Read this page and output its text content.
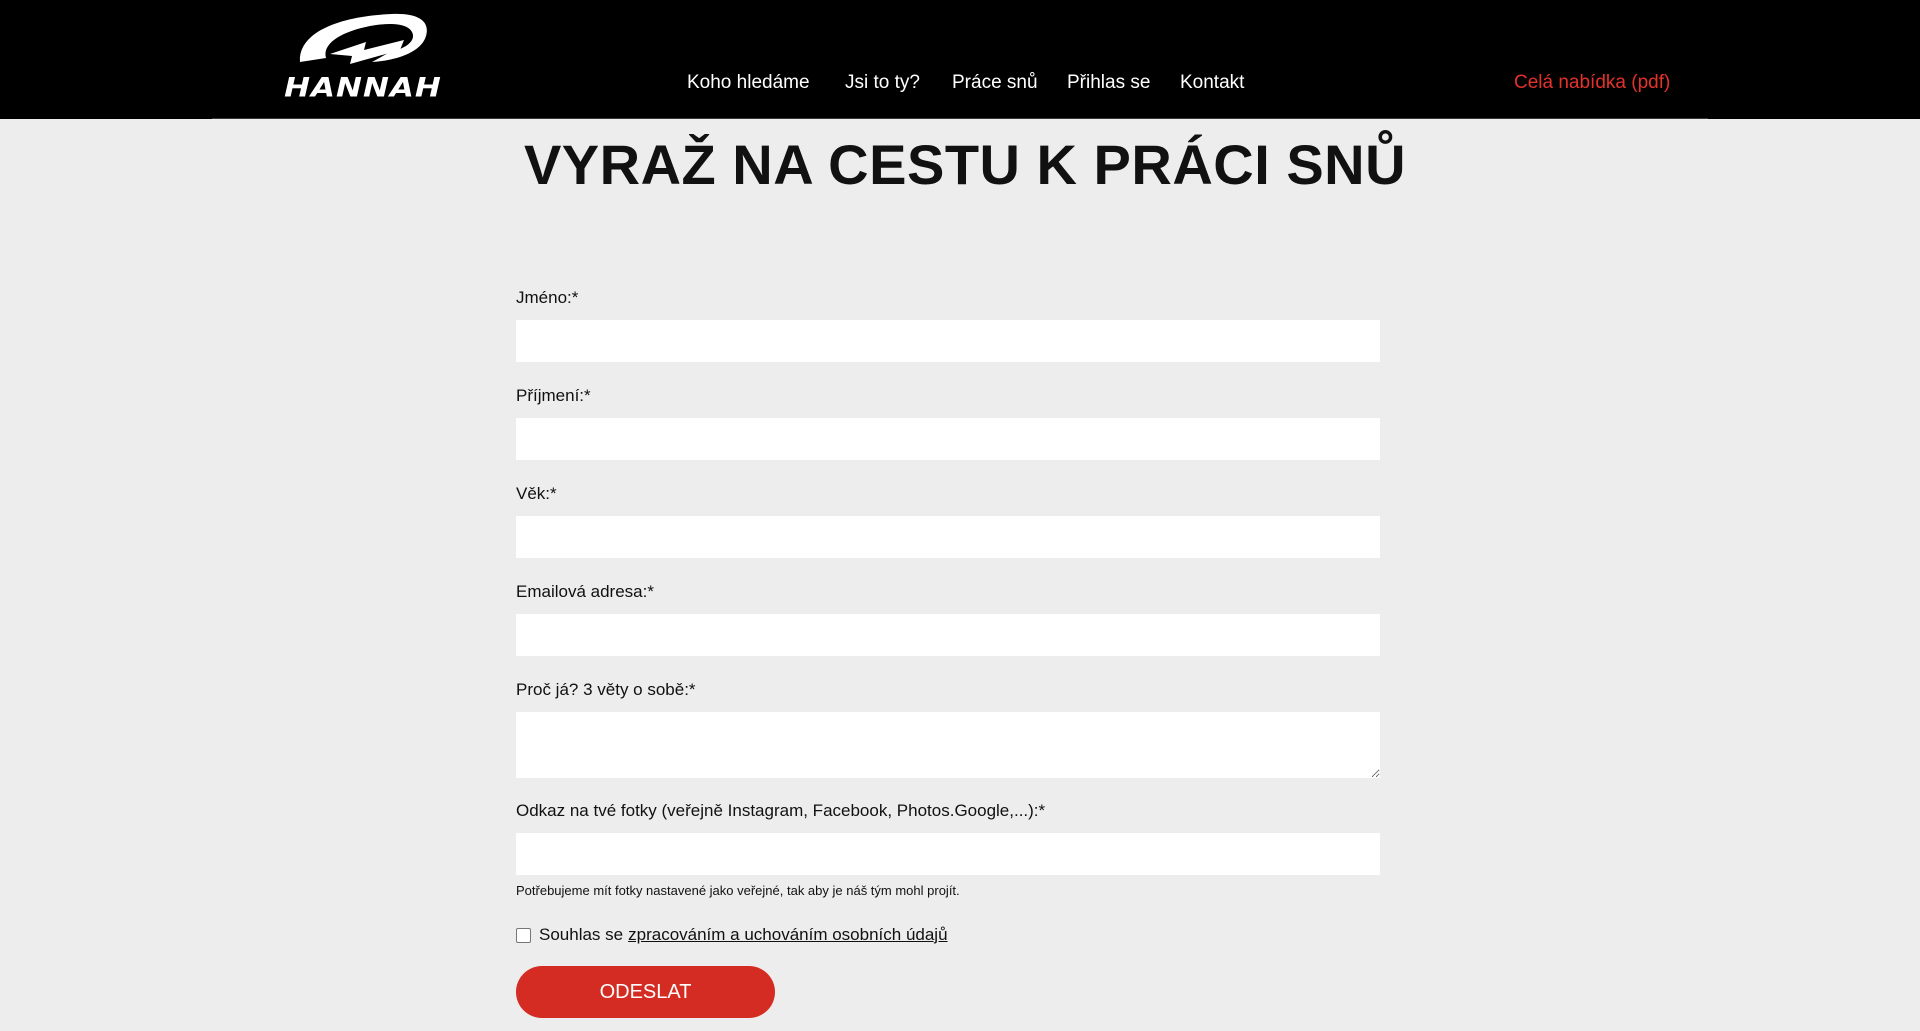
HANNAH	Koho hledáme Jsi to ty? Práce snů Přihlas se Kontakt	Celá nabídka (pdf)
VYRAŽ NA CESTU K PRÁCI SNŮ
Jméno:*
Příjmení:*
Věk:*
Emailová adresa:*
Proč já? 3 věty o sobě:*
Odkaz na tvé fotky (veřejně Instagram, Facebook, Photos.Google,...):*
Potřebujeme mít fotky nastavené jako veřejné, tak aby je náš tým mohl projít.
Souhlas se zpracováním a uchováním osobních údajů
ODESLAT
